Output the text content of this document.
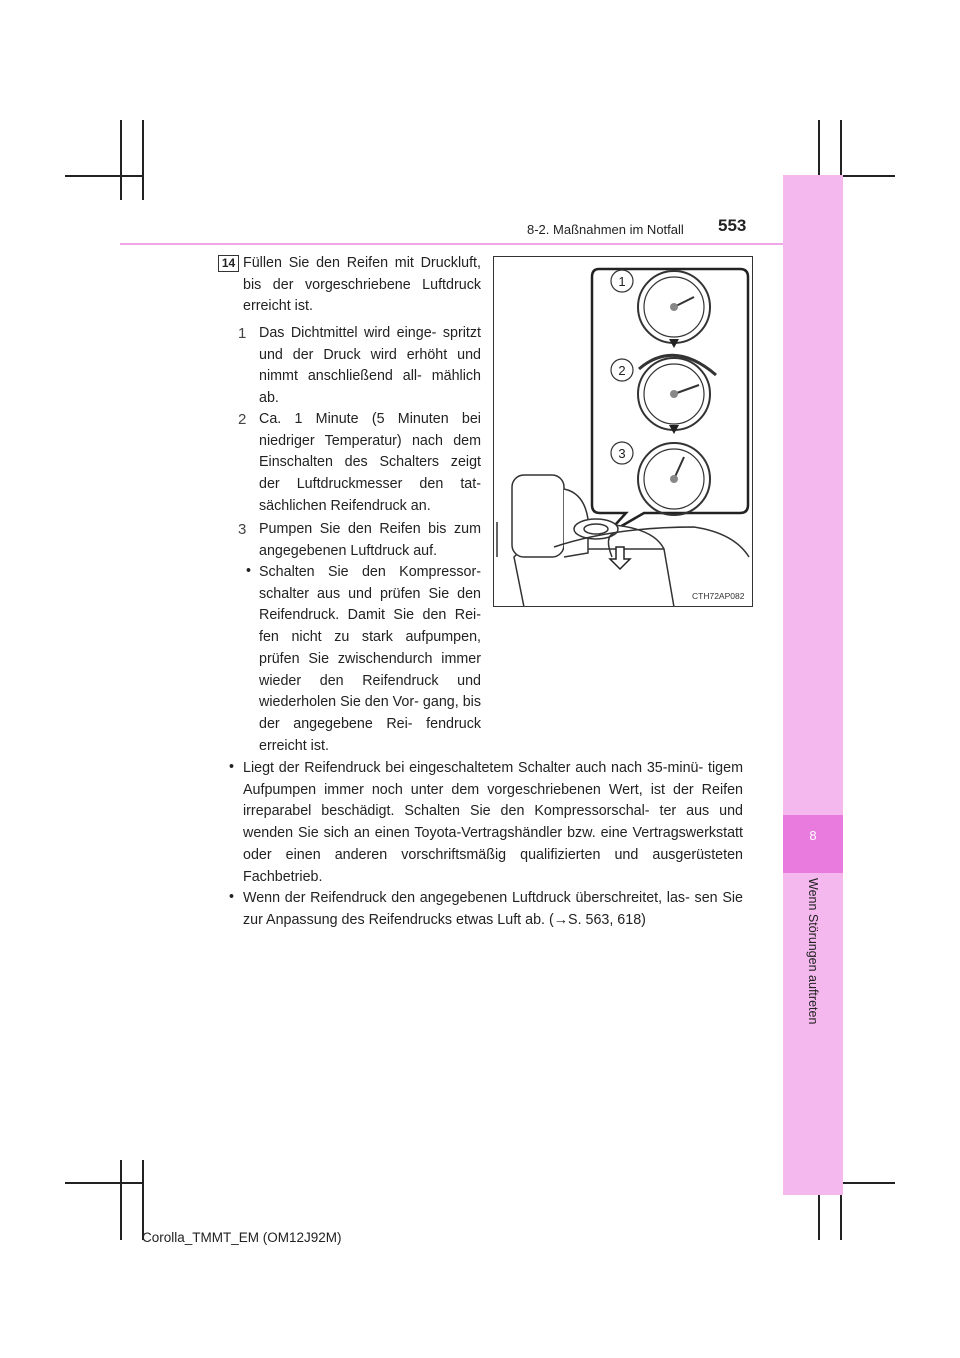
8
Wenn Störungen auftreten
8-2. Maßnahmen im Notfall 553
14 Füllen Sie den Reifen mit Druckluft, bis der vorgeschriebene Luftdruck erreicht ist.

1 Das Dichtmittel wird einge- spritzt und der Druck wird erhöht und nimmt anschließend all- mählich ab.

2 Ca. 1 Minute (5 Minuten bei niedriger Temperatur) nach dem Einschalten des Schalters zeigt der Luftdruckmesser den tat- sächlichen Reifendruck an.

3 Pumpen Sie den Reifen bis zum angegebenen Luftdruck auf.

• Schalten Sie den Kompressor- schalter aus und prüfen Sie den Reifendruck. Damit Sie den Rei- fen nicht zu stark aufpumpen, prüfen Sie zwischendurch immer wieder den Reifendruck und wiederholen Sie den Vor- gang, bis der angegebene Rei- fendruck erreicht ist.

• Liegt der Reifendruck bei eingeschaltetem Schalter auch nach 35-minü- tigem Aufpumpen immer noch unter dem vorgeschriebenen Wert, ist der Reifen irreparabel beschädigt. Schalten Sie den Kompressorschal- ter aus und wenden Sie sich an einen Toyota-Vertragshändler bzw. eine Vertragswerkstatt oder einen anderen vorschriftsmäßig qualifizierten und ausgerüsteten Fachbetrieb.

• Wenn der Reifendruck den angegebenen Luftdruck überschreitet, las- sen Sie zur Anpassung des Reifendrucks etwas Luft ab. (→S. 563, 618)

1
2
3
CTH72AP082
Corolla_TMMT_EM (OM12J92M)
